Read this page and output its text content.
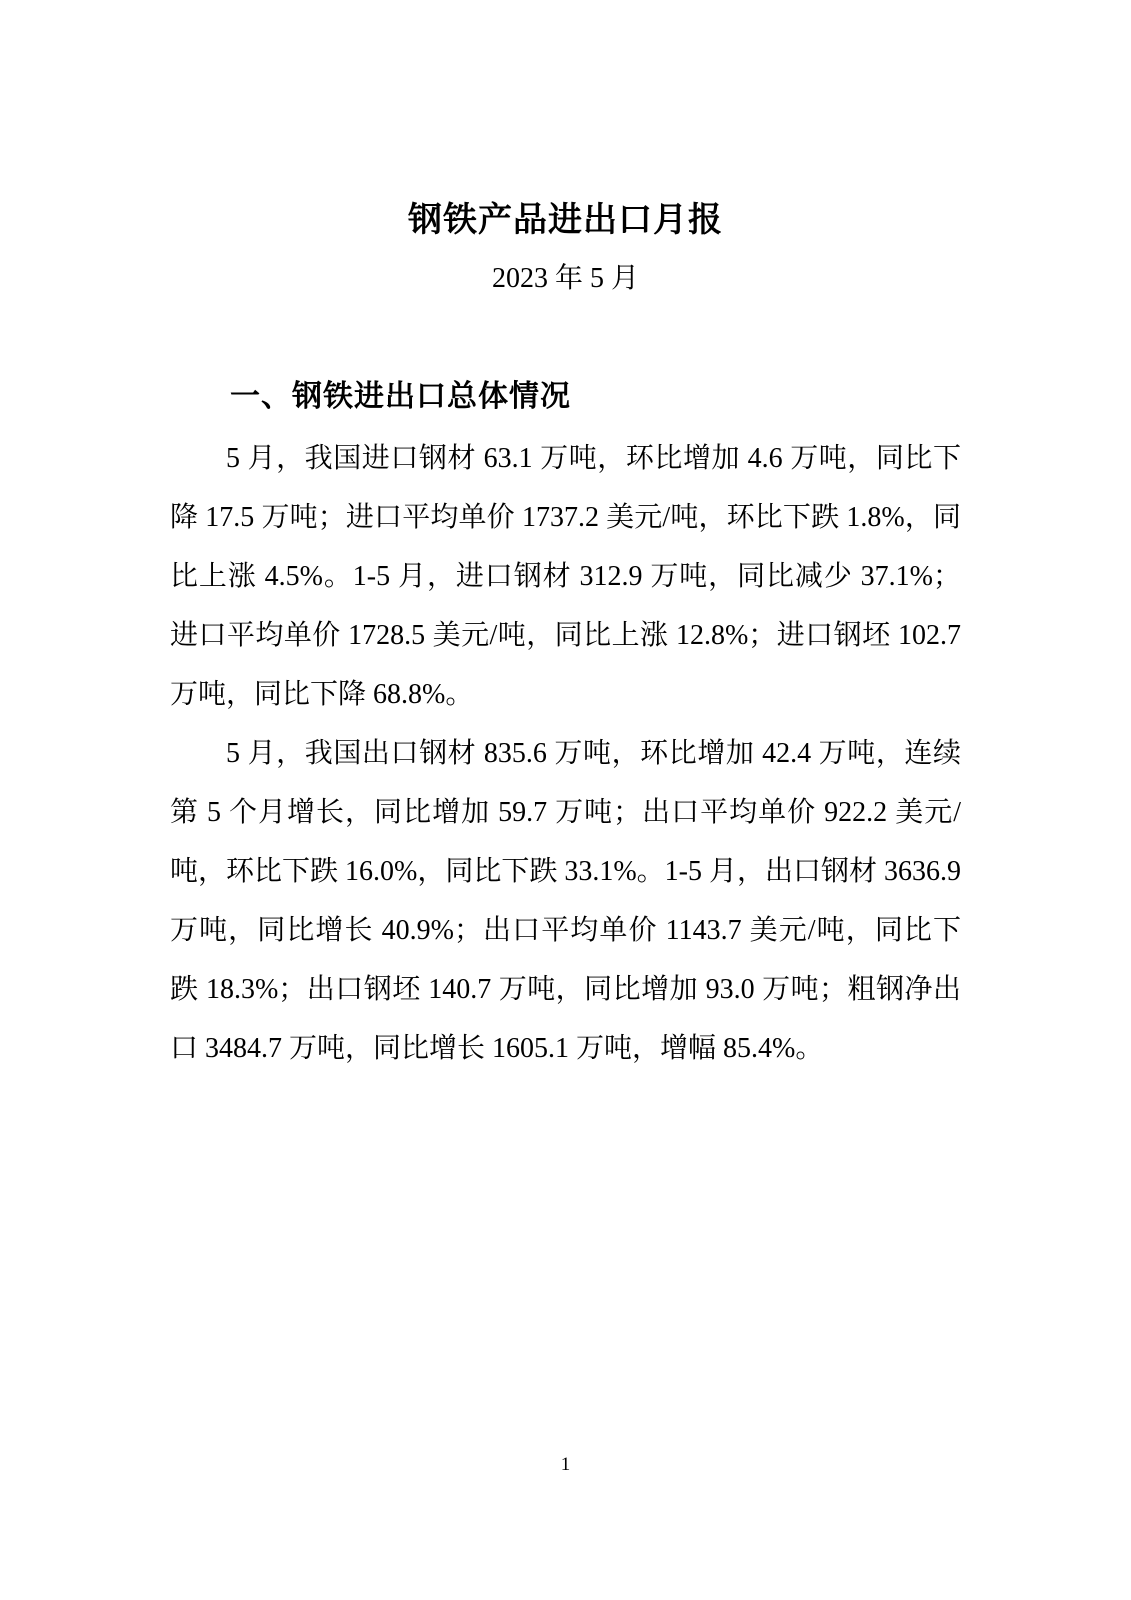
钢铁产品进出口月报
2023 年 5 月
一、钢铁进出口总体情况

5 月，我国进口钢材 63.1 万吨，环比增加 4.6 万吨，同比下降 17.5 万吨；进口平均单价 1737.2 美元/吨，环比下跌 1.8%，同比上涨 4.5%。1-5 月，进口钢材 312.9 万吨，同比减少 37.1%；进口平均单价 1728.5 美元/吨，同比上涨 12.8%；进口钢坯 102.7 万吨，同比下降 68.8%。

5 月，我国出口钢材 835.6 万吨，环比增加 42.4 万吨，连续第 5 个月增长，同比增加 59.7 万吨；出口平均单价 922.2 美元/吨，环比下跌 16.0%，同比下跌 33.1%。1-5 月，出口钢材 3636.9 万吨，同比增长 40.9%；出口平均单价 1143.7 美元/吨，同比下跌 18.3%；出口钢坯 140.7 万吨，同比增加 93.0 万吨；粗钢净出口 3484.7 万吨，同比增长 1605.1 万吨，增幅 85.4%。

1
